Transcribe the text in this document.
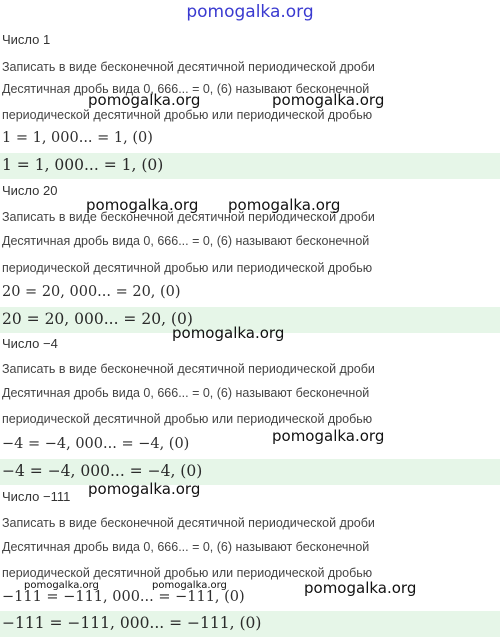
pomogalka.org
Число 1
Записать в виде бесконечной десятичной периодической дроби
Десятичная дробь вида 0, 666... = 0, (6) называют бесконечной
периодической десятичной дробью или периодической дробью
1 = 1, 000... = 1, (0)
1 = 1, 000... = 1, (0)
Число 20
Записать в виде бесконечной десятичной периодической дроби
Десятичная дробь вида 0, 666... = 0, (6) называют бесконечной
периодической десятичной дробью или периодической дробью
20 = 20, 000... = 20, (0)
20 = 20, 000... = 20, (0)
Число −4
Записать в виде бесконечной десятичной периодической дроби
Десятичная дробь вида 0, 666... = 0, (6) называют бесконечной
периодической десятичной дробью или периодической дробью
−4 = −4, 000... = −4, (0)
−4 = −4, 000... = −4, (0)
Число −111
Записать в виде бесконечной десятичной периодической дроби
Десятичная дробь вида 0, 666... = 0, (6) называют бесконечной
периодической десятичной дробью или периодической дробью
−111 = −111, 000... = −111, (0)
−111 = −111, 000... = −111, (0)
pomogalka.org	pomogalka.org
pomogalka.org pomogalka.org
pomogalka.org
pomogalka.org
pomogalka.org
pomogalka.org	pomogalka.org	pomogalka.org
